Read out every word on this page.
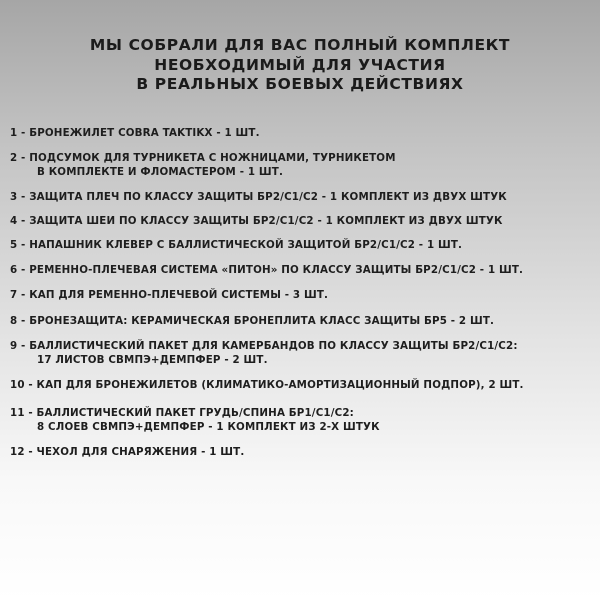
МЫ СОБРАЛИ ДЛЯ ВАС ПОЛНЫЙ КОМПЛЕКТ
НЕОБХОДИМЫЙ ДЛЯ УЧАСТИЯ
В РЕАЛЬНЫХ БОЕВЫХ ДЕЙСТВИЯХ
1 - БРОНЕЖИЛЕТ COBRA TAKTIKX - 1 ШТ.
2 - ПОДСУМОК ДЛЯ ТУРНИКЕТА С НОЖНИЦАМИ, ТУРНИКЕТОМ
В КОМПЛЕКТЕ И ФЛОМАСТЕРОМ - 1 ШТ.
3 - ЗАЩИТА ПЛЕЧ ПО КЛАССУ ЗАЩИТЫ БР2/С1/С2 - 1 КОМПЛЕКТ ИЗ ДВУХ ШТУК
4 - ЗАЩИТА ШЕИ ПО КЛАССУ ЗАЩИТЫ БР2/С1/С2 - 1 КОМПЛЕКТ ИЗ ДВУХ ШТУК
5 - НАПАШНИК КЛЕВЕР С БАЛЛИСТИЧЕСКОЙ ЗАЩИТОЙ БР2/С1/С2 - 1 ШТ.
6 - РЕМЕННО-ПЛЕЧЕВАЯ СИСТЕМА «ПИТОН» ПО КЛАССУ ЗАЩИТЫ БР2/С1/С2 - 1 ШТ.
7 - КАП ДЛЯ РЕМЕННО-ПЛЕЧЕВОЙ СИСТЕМЫ - 3 ШТ.
8 - БРОНЕЗАЩИТА: КЕРАМИЧЕСКАЯ БРОНЕПЛИТА КЛАСС ЗАЩИТЫ БР5 - 2 ШТ.
9 - БАЛЛИСТИЧЕСКИЙ ПАКЕТ ДЛЯ КАМЕРБАНДОВ ПО КЛАССУ ЗАЩИТЫ БР2/С1/С2:
17 ЛИСТОВ СВМПЭ+ДЕМПФЕР - 2 ШТ.
10 - КАП ДЛЯ БРОНЕЖИЛЕТОВ (КЛИМАТИКО-АМОРТИЗАЦИОННЫЙ ПОДПОР), 2 ШТ.
11 - БАЛЛИСТИЧЕСКИЙ ПАКЕТ ГРУДЬ/СПИНА БР1/С1/С2:
8 СЛОЕВ СВМПЭ+ДЕМПФЕР - 1 КОМПЛЕКТ ИЗ 2-Х ШТУК
12 - ЧЕХОЛ ДЛЯ СНАРЯЖЕНИЯ - 1 ШТ.
